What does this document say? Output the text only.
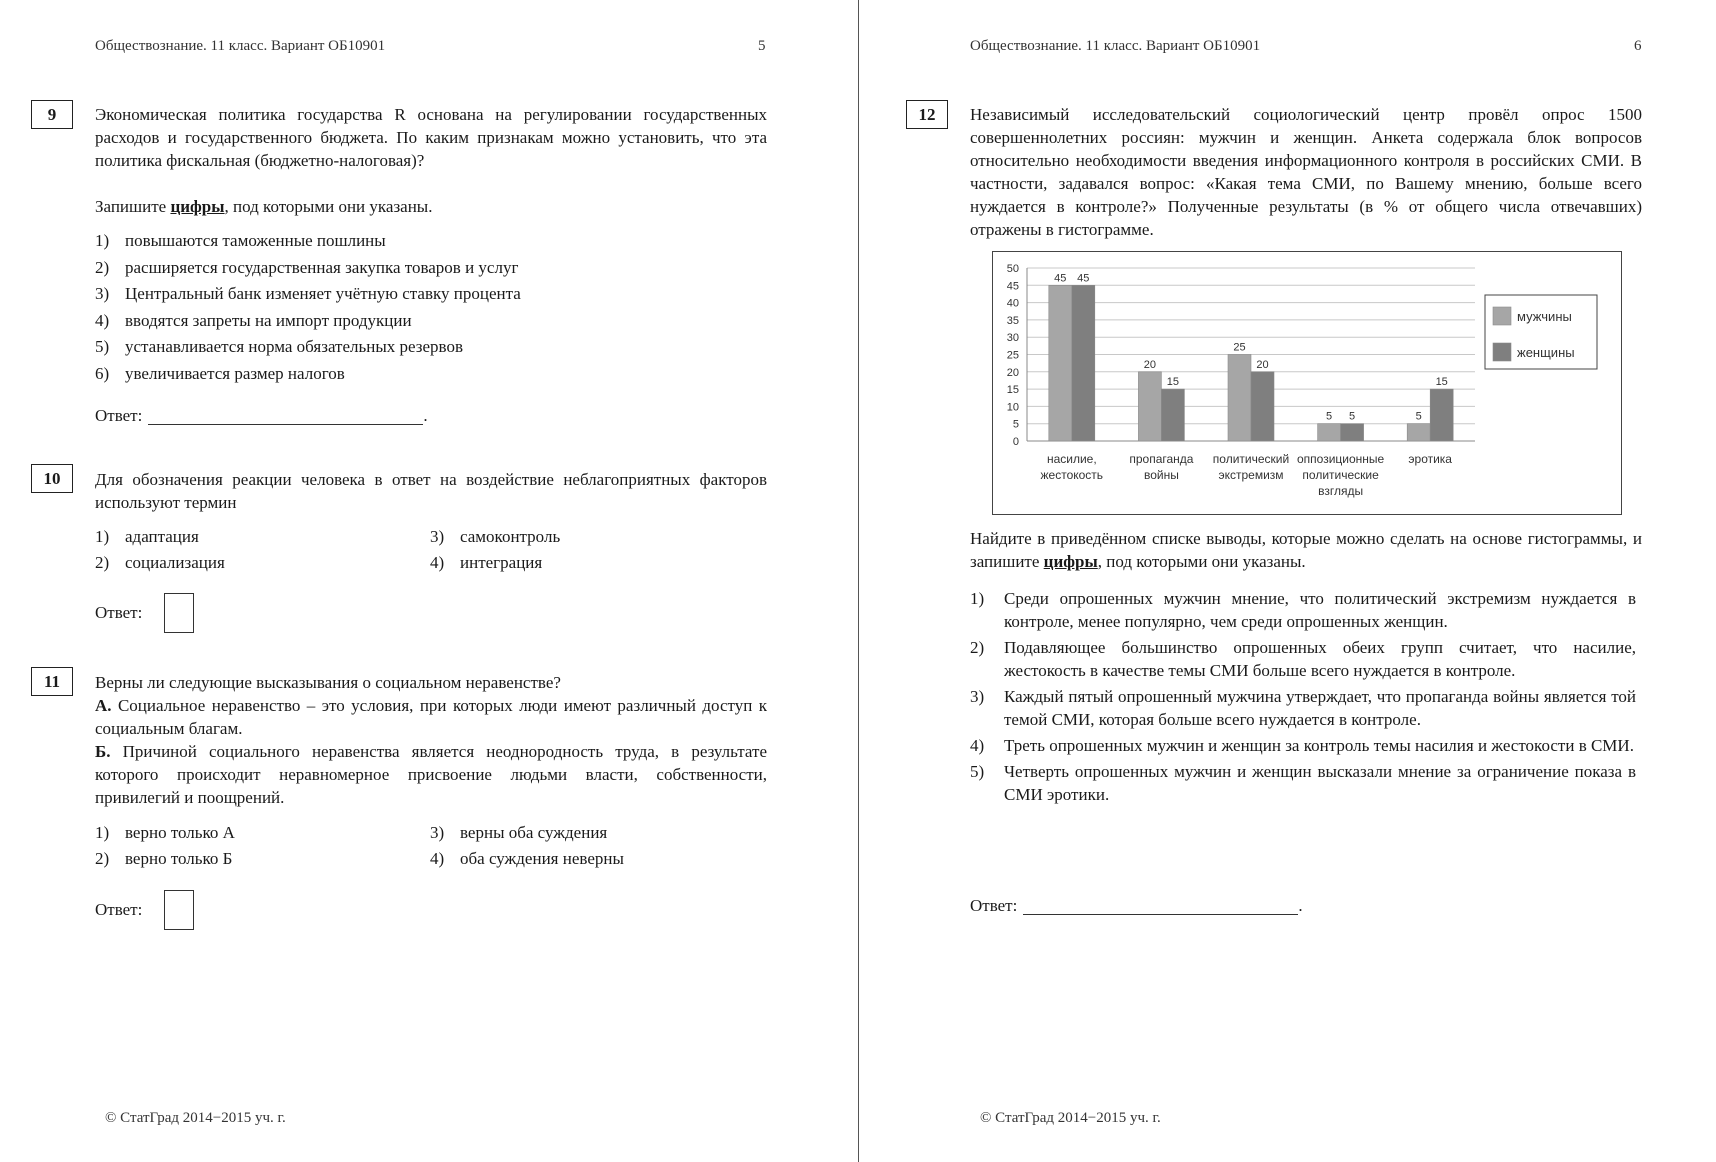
Обществознание. 11 класс. Вариант ОБ10901	5
9	Экономическая политика государства R основана на регулировании государственных расходов и государственного бюджета. По каким признакам можно установить, что эта политика фискальная (бюджетно-налоговая)?
Запишите цифры, под которыми они указаны.
1) повышаются таможенные пошлины
2) расширяется государственная закупка товаров и услуг
3) Центральный банк изменяет учётную ставку процента
4) вводятся запреты на импорт продукции
5) устанавливается норма обязательных резервов
6) увеличивается размер налогов
Ответ:	.
10	Для обозначения реакции человека в ответ на воздействие неблагоприятных факторов используют термин
1) адаптация	3) самоконтроль
2) социализация	4) интеграция
Ответ:
11	Верны ли следующие высказывания о социальном неравенстве?
А. Социальное неравенство – это условия, при которых люди имеют различный доступ к социальным благам.
Б. Причиной социального неравенства является неоднородность труда, в результате которого происходит неравномерное присвоение людьми власти, собственности, привилегий и поощрений.
1) верно только А	3) верны оба суждения
2) верно только Б	4) оба суждения неверны
Ответ:
© СтатГрад 2014−2015 уч. г.
Обществознание. 11 класс. Вариант ОБ10901	6
12	Независимый исследовательский социологический центр провёл опрос 1500 совершеннолетних россиян: мужчин и женщин. Анкета содержала блок вопросов относительно необходимости введения информационного контроля в российских СМИ. В частности, задавался вопрос: «Какая тема СМИ, по Вашему мнению, больше всего нуждается в контроле?» Полученные результаты (в % от общего числа отвечавших) отражены в гистограмме.
Найдите в приведённом списке выводы, которые можно сделать на основе гистограммы, и запишите цифры, под которыми они указаны.
1)	Среди опрошенных мужчин мнение, что политический экстремизм нуждается в контроле, менее популярно, чем среди опрошенных женщин.
2)	Подавляющее большинство опрошенных обеих групп считает, что насилие, жестокость в качестве темы СМИ больше всего нуждается в контроле.
3)	Каждый пятый опрошенный мужчина утверждает, что пропаганда войны является той темой СМИ, которая больше всего нуждается в контроле.
4)	Треть опрошенных мужчин и женщин за контроль темы насилия и жестокости в СМИ.
5)	Четверть опрошенных мужчин и женщин высказали мнение за ограничение показа в СМИ эротики.
Ответ:	.
© СтатГрад 2014−2015 уч. г.
0
5
10
15
20
25
30
35
40
45
50
45 45
насилие,
жестокость
20
15
пропаганда
войны
25
20
политический
экстремизм
5 5
оппозиционные
политические
взгляды
5
15
эротика
мужчины
женщины
